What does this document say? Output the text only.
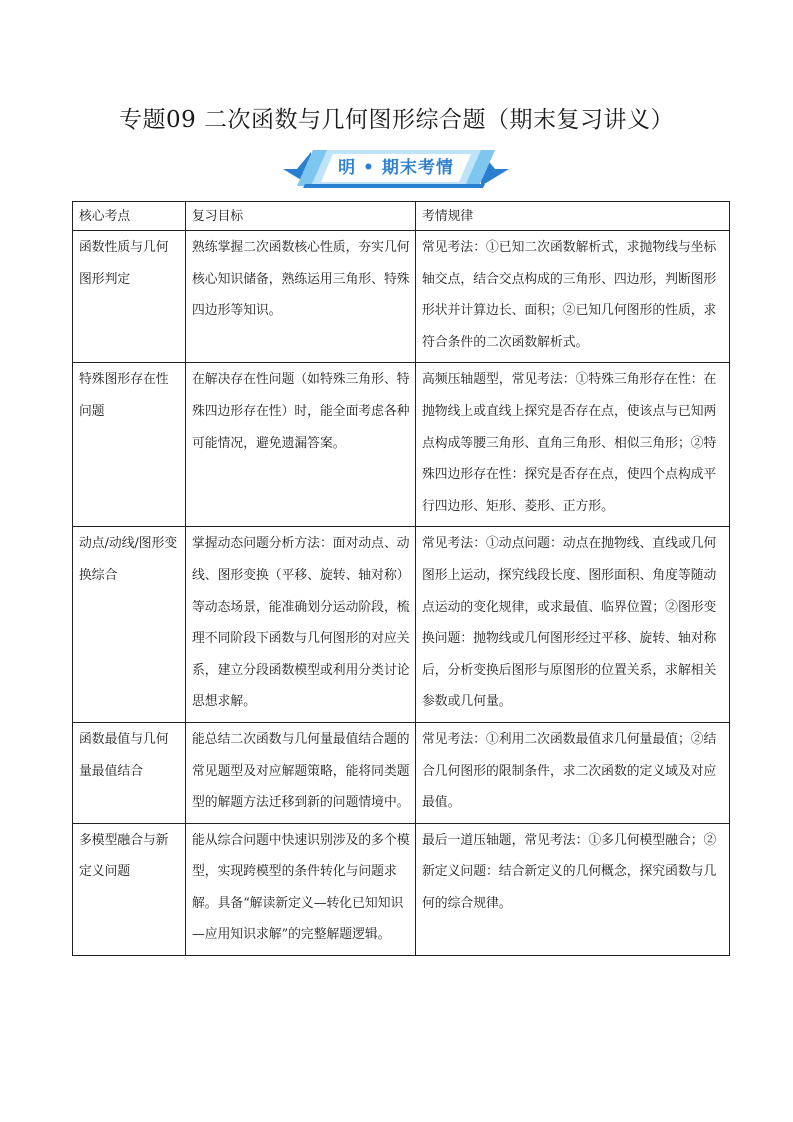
专题09 二次函数与几何图形综合题（期末复习讲义）
明 • 期末考情
核心考点	复习目标	考情规律
函数性质与几何图形判定	熟练掌握二次函数核心性质，夯实几何核心知识储备，熟练运用三角形、特殊四边形等知识。	常见考法：①已知二次函数解析式，求抛物线与坐标轴交点，结合交点构成的三角形、四边形，判断图形形状并计算边长、面积；②已知几何图形的性质，求符合条件的二次函数解析式。
特殊图形存在性问题	在解决存在性问题（如特殊三角形、特殊四边形存在性）时，能全面考虑各种可能情况，避免遗漏答案。	高频压轴题型，常见考法：①特殊三角形存在性：在抛物线上或直线上探究是否存在点，使该点与已知两点构成等腰三角形、直角三角形、相似三角形；②特殊四边形存在性：探究是否存在点，使四个点构成平行四边形、矩形、菱形、正方形。
动点/动线/图形变换综合	掌握动态问题分析方法：面对动点、动线、图形变换（平移、旋转、轴对称）等动态场景，能准确划分运动阶段，梳理不同阶段下函数与几何图形的对应关系，建立分段函数模型或利用分类讨论思想求解。	常见考法：①动点问题：动点在抛物线、直线或几何图形上运动，探究线段长度、图形面积、角度等随动点运动的变化规律，或求最值、临界位置；②图形变换问题：抛物线或几何图形经过平移、旋转、轴对称后，分析变换后图形与原图形的位置关系，求解相关参数或几何量。
函数最值与几何量最值结合	能总结二次函数与几何量最值结合题的常见题型及对应解题策略，能将同类题型的解题方法迁移到新的问题情境中。	常见考法：①利用二次函数最值求几何量最值；②结合几何图形的限制条件，求二次函数的定义域及对应最值。
多模型融合与新定义问题	能从综合问题中快速识别涉及的多个模型，实现跨模型的条件转化与问题求解。具备“解读新定义—转化已知知识—应用知识求解”的完整解题逻辑。	最后一道压轴题，常见考法：①多几何模型融合；②新定义问题：结合新定义的几何概念，探究函数与几何的综合规律。
